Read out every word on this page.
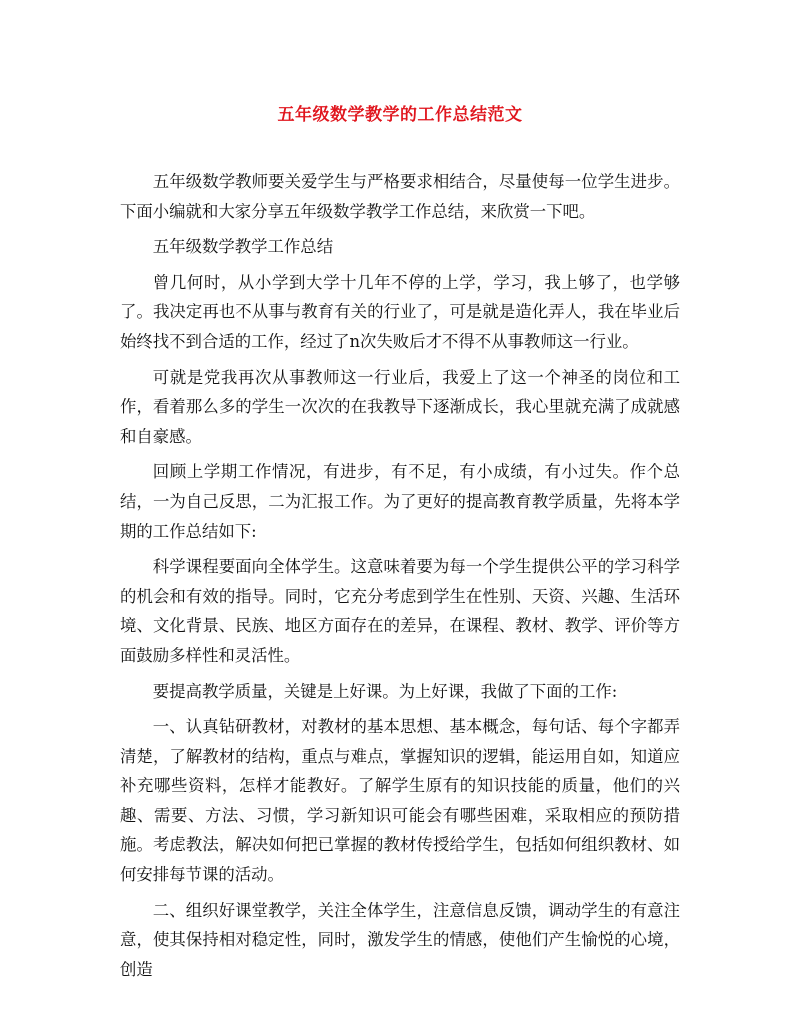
五年级数学教学的工作总结范文

五年级数学教师要关爱学生与严格要求相结合，尽量使每一位学生进步。下面小编就和大家分享五年级数学教学工作总结，来欣赏一下吧。

五年级数学教学工作总结

曾几何时，从小学到大学十几年不停的上学，学习，我上够了，也学够了。我决定再也不从事与教育有关的行业了，可是就是造化弄人，我在毕业后始终找不到合适的工作，经过了n次失败后才不得不从事教师这一行业。

可就是党我再次从事教师这一行业后，我爱上了这一个神圣的岗位和工作，看着那么多的学生一次次的在我教导下逐渐成长，我心里就充满了成就感和自豪感。

回顾上学期工作情况，有进步，有不足，有小成绩，有小过失。作个总结，一为自己反思，二为汇报工作。为了更好的提高教育教学质量，先将本学期的工作总结如下:

科学课程要面向全体学生。这意味着要为每一个学生提供公平的学习科学的机会和有效的指导。同时，它充分考虑到学生在性别、天资、兴趣、生活环境、文化背景、民族、地区方面存在的差异，在课程、教材、教学、评价等方面鼓励多样性和灵活性。

要提高教学质量，关键是上好课。为上好课，我做了下面的工作:

一、认真钻研教材，对教材的基本思想、基本概念，每句话、每个字都弄清楚，了解教材的结构，重点与难点，掌握知识的逻辑，能运用自如，知道应补充哪些资料，怎样才能教好。了解学生原有的知识技能的质量，他们的兴趣、需要、方法、习惯，学习新知识可能会有哪些困难，采取相应的预防措施。考虑教法，解决如何把已掌握的教材传授给学生，包括如何组织教材、如何安排每节课的活动。

二、组织好课堂教学，关注全体学生，注意信息反馈，调动学生的有意注意，使其保持相对稳定性，同时，激发学生的情感，使他们产生愉悦的心境，创造
